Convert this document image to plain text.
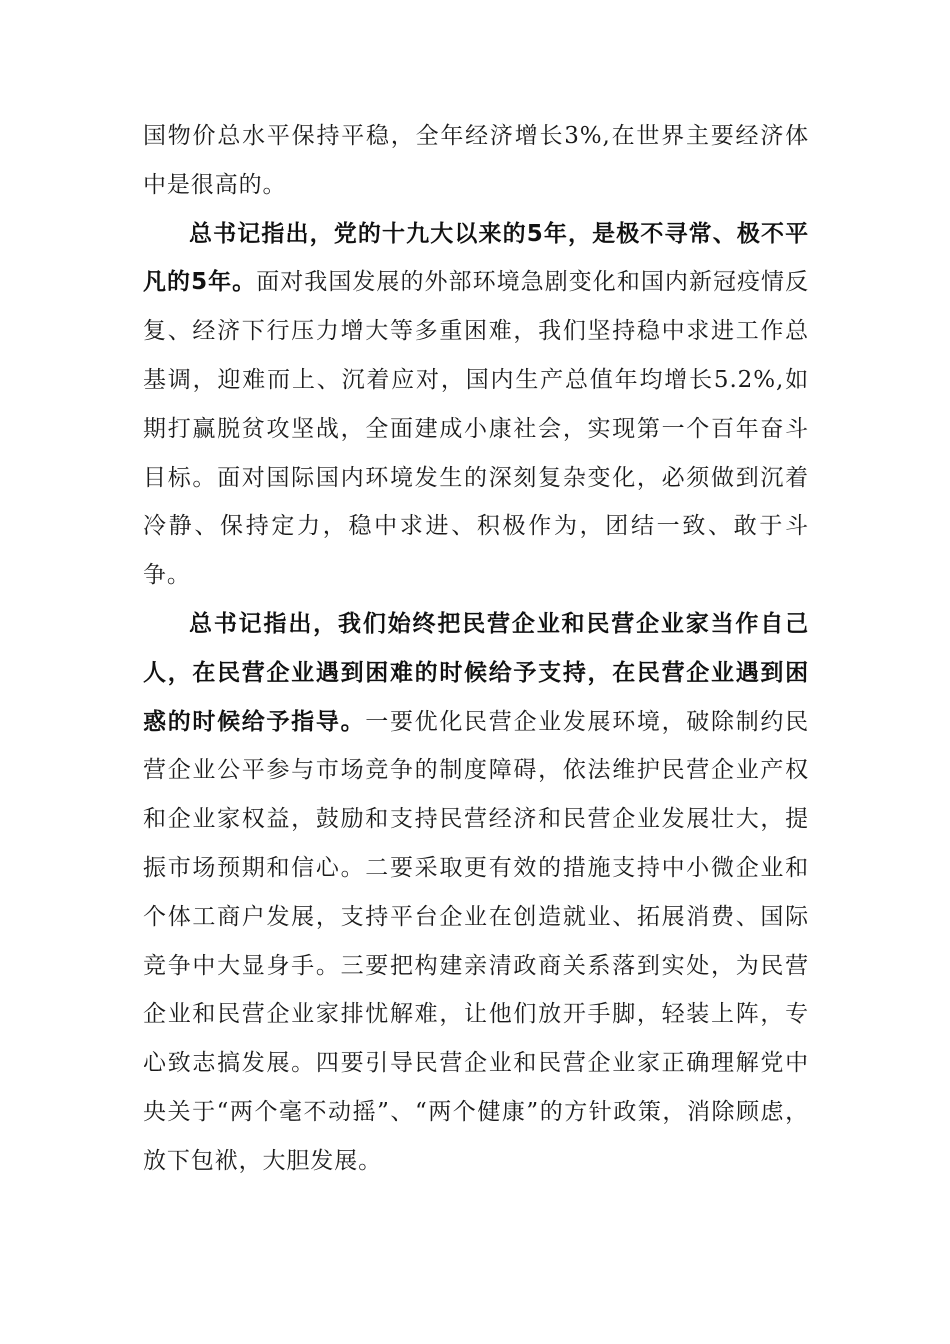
国物价总水平保持平稳，全年经济增长3%,在世界主要经济体中是很高的。

总书记指出，党的十九大以来的5年，是极不寻常、极不平凡的5年。面对我国发展的外部环境急剧变化和国内新冠疫情反复、经济下行压力增大等多重困难，我们坚持稳中求进工作总基调，迎难而上、沉着应对，国内生产总值年均增长5.2%,如期打赢脱贫攻坚战，全面建成小康社会，实现第一个百年奋斗目标。面对国际国内环境发生的深刻复杂变化，必须做到沉着冷静、保持定力，稳中求进、积极作为，团结一致、敢于斗争。

总书记指出，我们始终把民营企业和民营企业家当作自己人，在民营企业遇到困难的时候给予支持，在民营企业遇到困惑的时候给予指导。一要优化民营企业发展环境，破除制约民营企业公平参与市场竞争的制度障碍，依法维护民营企业产权和企业家权益，鼓励和支持民营经济和民营企业发展壮大，提振市场预期和信心。二要采取更有效的措施支持中小微企业和个体工商户发展，支持平台企业在创造就业、拓展消费、国际竞争中大显身手。三要把构建亲清政商关系落到实处，为民营企业和民营企业家排忧解难，让他们放开手脚，轻装上阵，专心致志搞发展。四要引导民营企业和民营企业家正确理解党中央关于“两个毫不动摇”、“两个健康”的方针政策，消除顾虑，放下包袱，大胆发展。
